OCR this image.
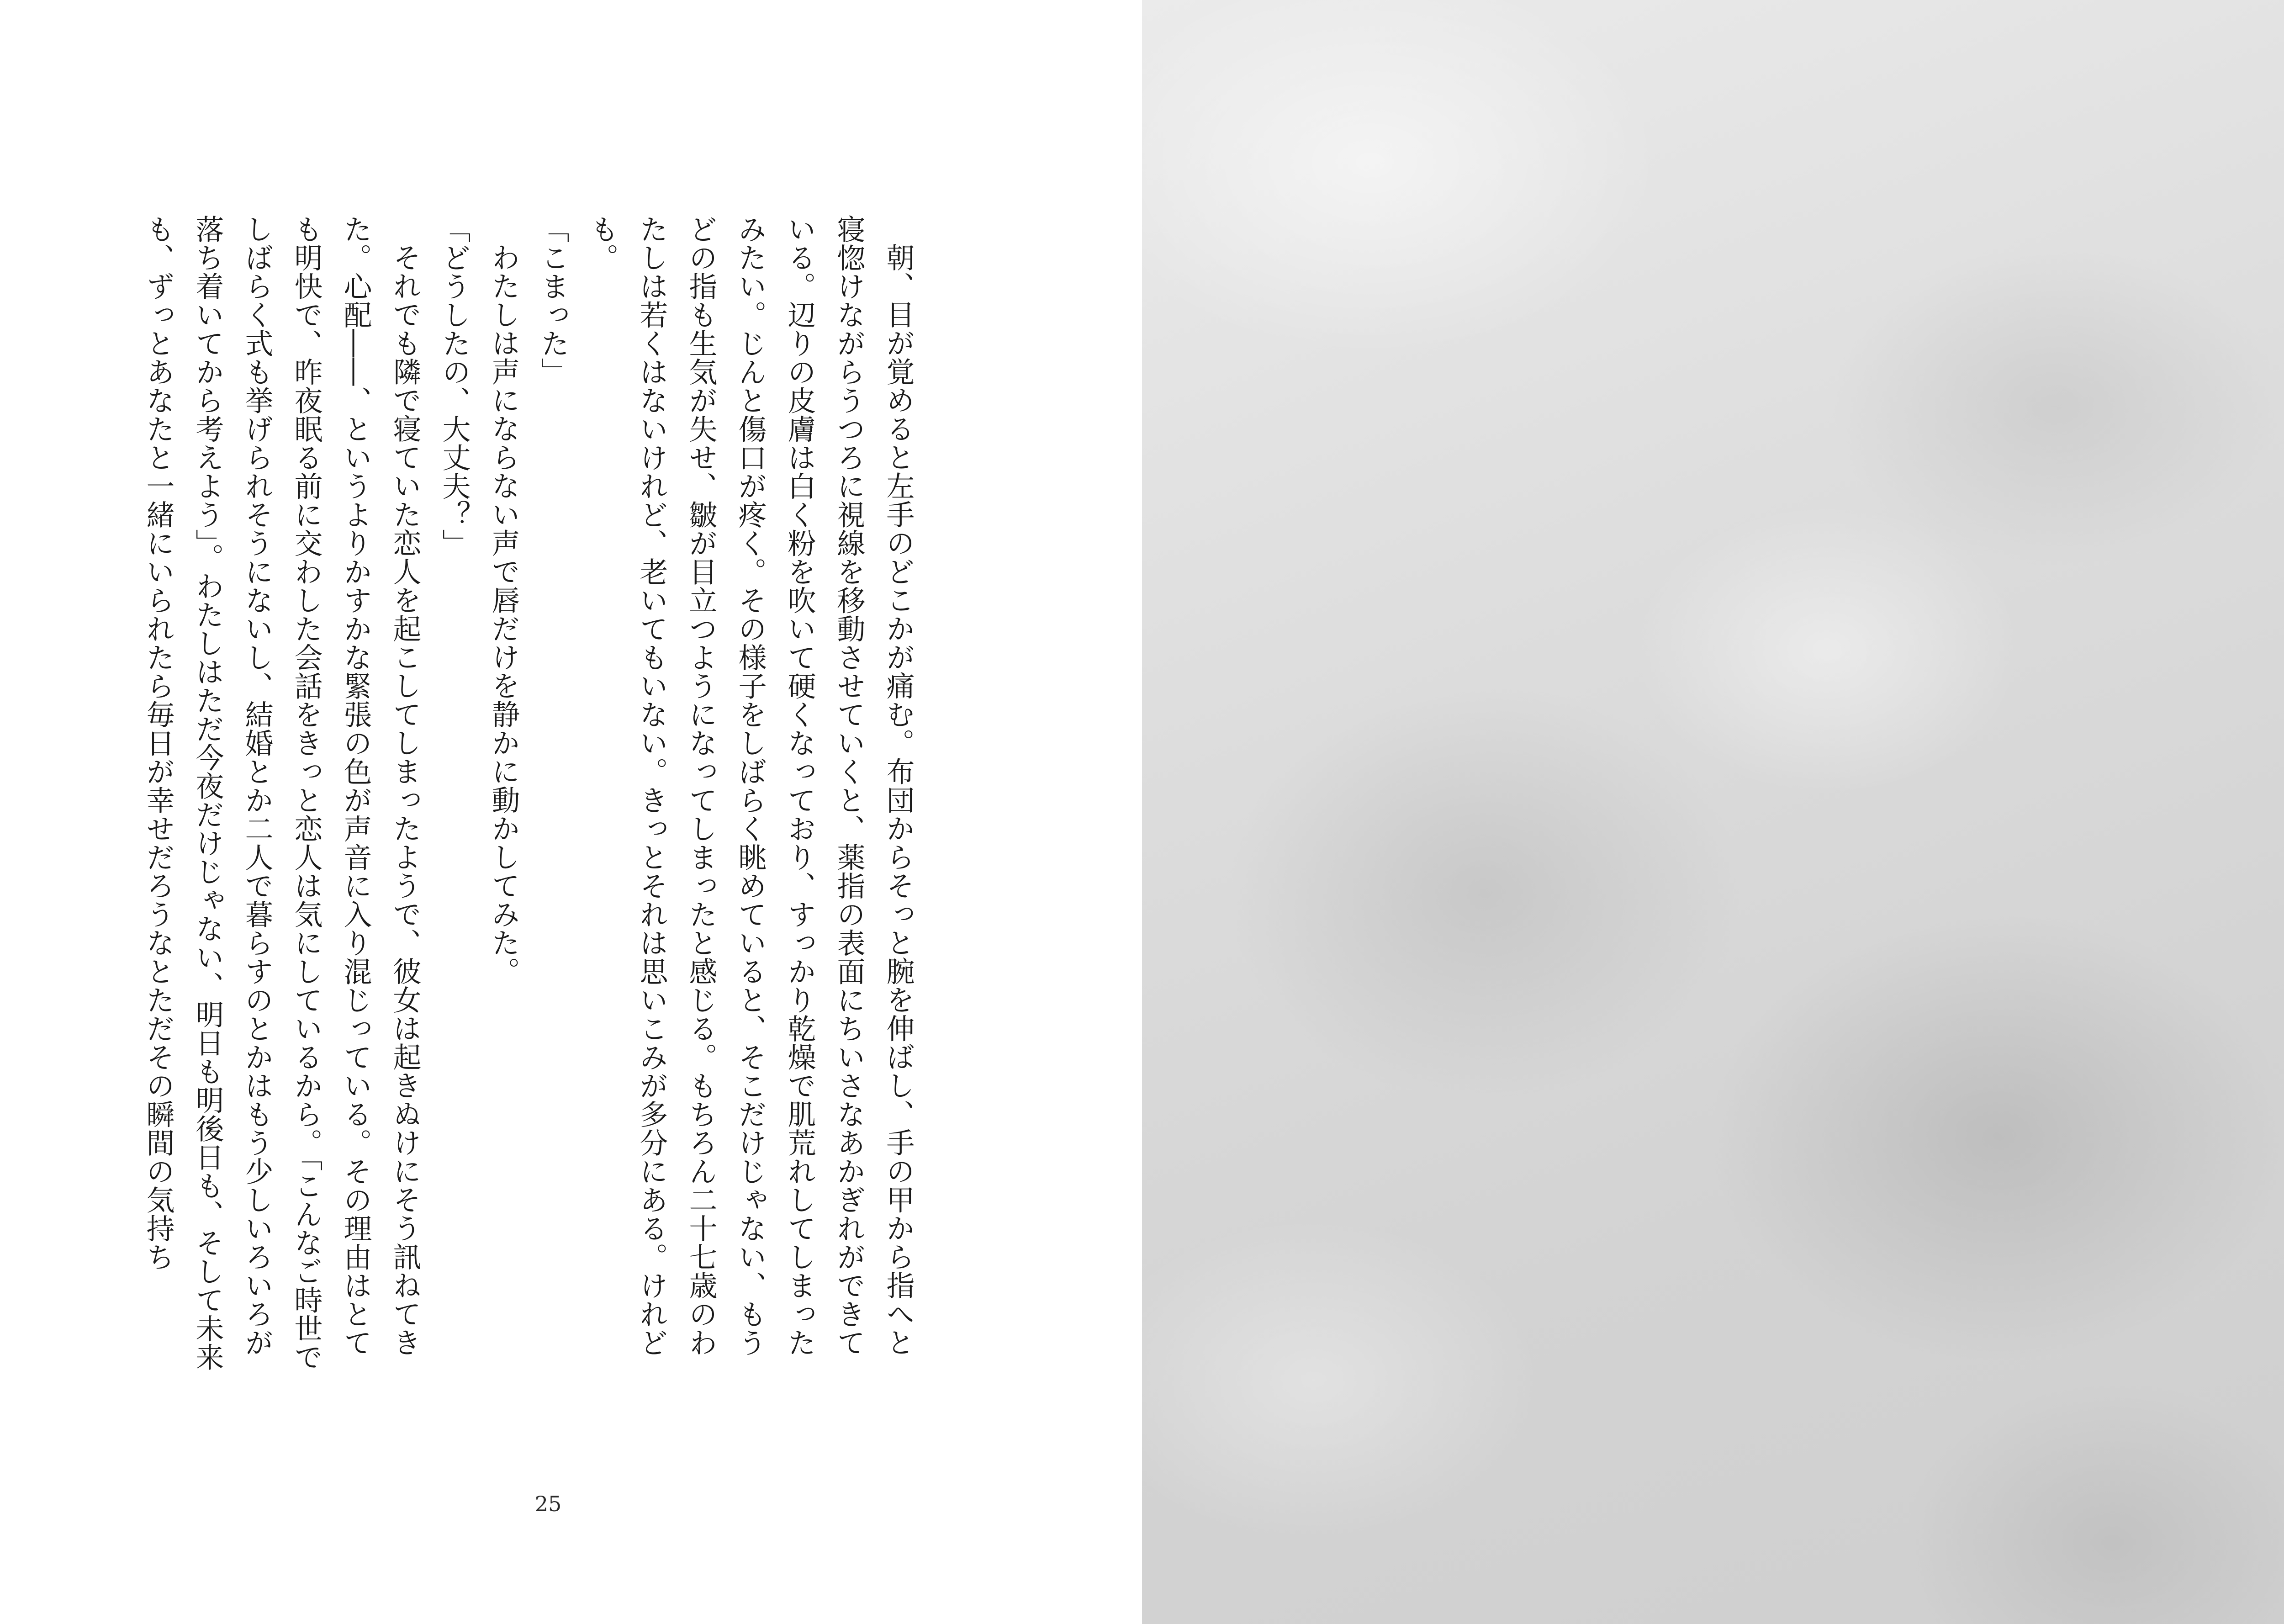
朝、目が覚めると左手のどこかが痛む。布団からそっと腕を伸ばし、手の甲から指へと寝惚けながらうつろに視線を移動させていくと、薬指の表面にちいさなあかぎれができている。辺りの皮膚は白く粉を吹いて硬くなっており、すっかり乾燥で肌荒れしてしまったみたい。じんと傷口が疼く。その様子をしばらく眺めていると、そこだけじゃない、もうどの指も生気が失せ、皺が目立つようになってしまったと感じる。もちろん二十七歳のわたしは若くはないけれど、老いてもいない。きっとそれは思いこみが多分にある。けれども。

「こまった」

わたしは声にならない声で唇だけを静かに動かしてみた。

「どうしたの、大丈夫？」

それでも隣で寝ていた恋人を起こしてしまったようで、彼女は起きぬけにそう訊ねてきた。心配――、というよりかすかな緊張の色が声音に入り混じっている。その理由はとても明快で、昨夜眠る前に交わした会話をきっと恋人は気にしているから。「こんなご時世でしばらく式も挙げられそうにないし、結婚とか二人で暮らすのとかはもう少しいろいろが落ち着いてから考えよう」。わたしはただ今夜だけじゃない、明日も明後日も、そして未来も、ずっとあなたと一緒にいられたら毎日が幸せだろうなとただその瞬間の気持ち

25
